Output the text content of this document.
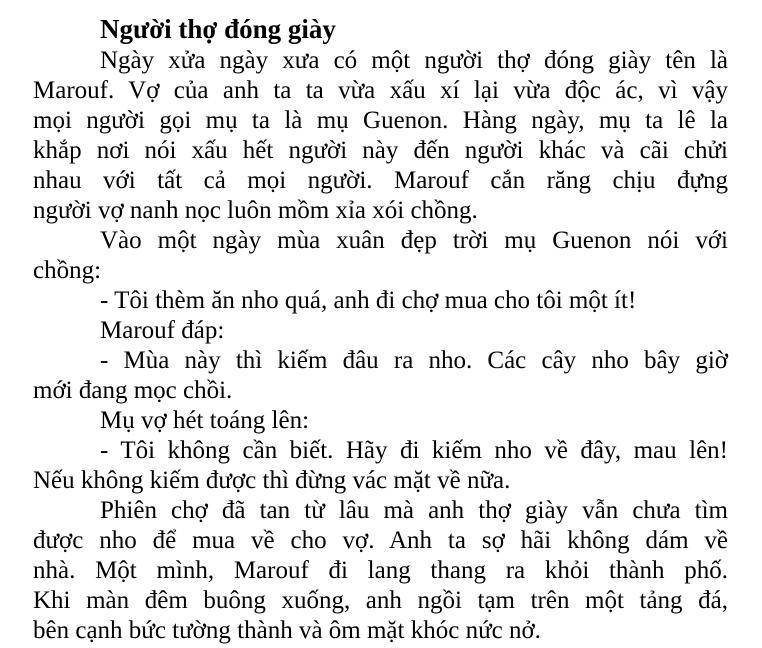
Người thợ đóng giày
Ngày xửa ngày xưa có một người thợ đóng giày tên là
Marouf. Vợ của anh ta ta vừa xấu xí lại vừa độc ác, vì vậy
mọi người gọi mụ ta là mụ Guenon. Hàng ngày, mụ ta lê la
khắp nơi nói xấu hết người này đến người khác và cãi chửi
nhau với tất cả mọi người. Marouf cắn răng chịu đựng
người vợ nanh nọc luôn mồm xỉa xói chồng.
Vào một ngày mùa xuân đẹp trời mụ Guenon nói với
chồng:
- Tôi thèm ăn nho quá, anh đi chợ mua cho tôi một ít!
Marouf đáp:
- Mùa này thì kiếm đâu ra nho. Các cây nho bây giờ
mới đang mọc chồi.
Mụ vợ hét toáng lên:
- Tôi không cần biết. Hãy đi kiếm nho về đây, mau lên!
Nếu không kiếm được thì đừng vác mặt về nữa.
Phiên chợ đã tan từ lâu mà anh thợ giày vẫn chưa tìm
được nho để mua về cho vợ. Anh ta sợ hãi không dám về
nhà. Một mình, Marouf đi lang thang ra khỏi thành phố.
Khi màn đêm buông xuống, anh ngồi tạm trên một tảng đá,
bên cạnh bức tường thành và ôm mặt khóc nức nở.
